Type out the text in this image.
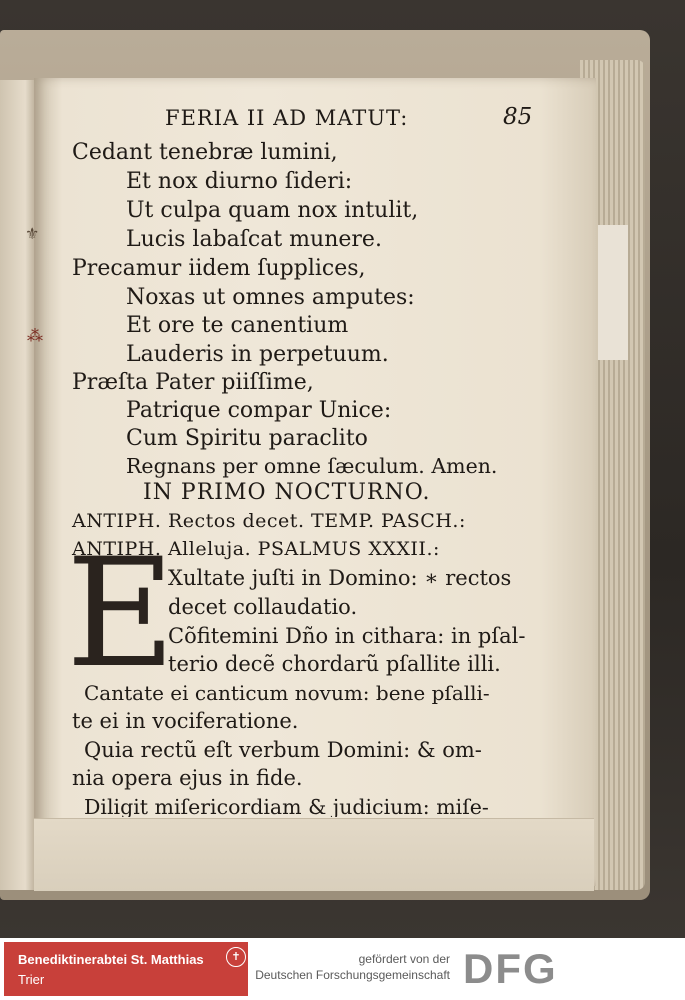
⚜
⁂
FERIA II AD MATUT:	85
Cedant tenebræ lumini,
Et nox diurno ſideri:
Ut culpa quam nox intulit,
Lucis labaſcat munere.
Precamur iidem ſupplices,
Noxas ut omnes amputes:
Et ore te canentium
Lauderis in perpetuum.
Præſta Pater piiſſime,
Patrique compar Unice:
Cum Spiritu paraclito
Regnans per omne ſæculum. Amen.
IN PRIMO NOCTURNO.
ANTIPH. Rectos decet. TEMP. PASCH.:
ANTIPH. Alleluja. PSALMUS XXXII.:
E
Xultate juſti in Domino: ∗ rectos
decet collaudatio.
Cõfitemini Dño in cithara: in pſal-
terio decẽ chordarũ pſallite illi.
Cantate ei canticum novum: bene pſalli-
te ei in vociferatione.
Quia rectũ eſt verbum Domini: & om-
nia opera ejus in fide.
Diligit miſericordiam & judicium: miſe-
Benediktinerabtei St. Matthias
Trier
✝	gefördert von der
Deutschen Forschungsgemeinschaft DFG
